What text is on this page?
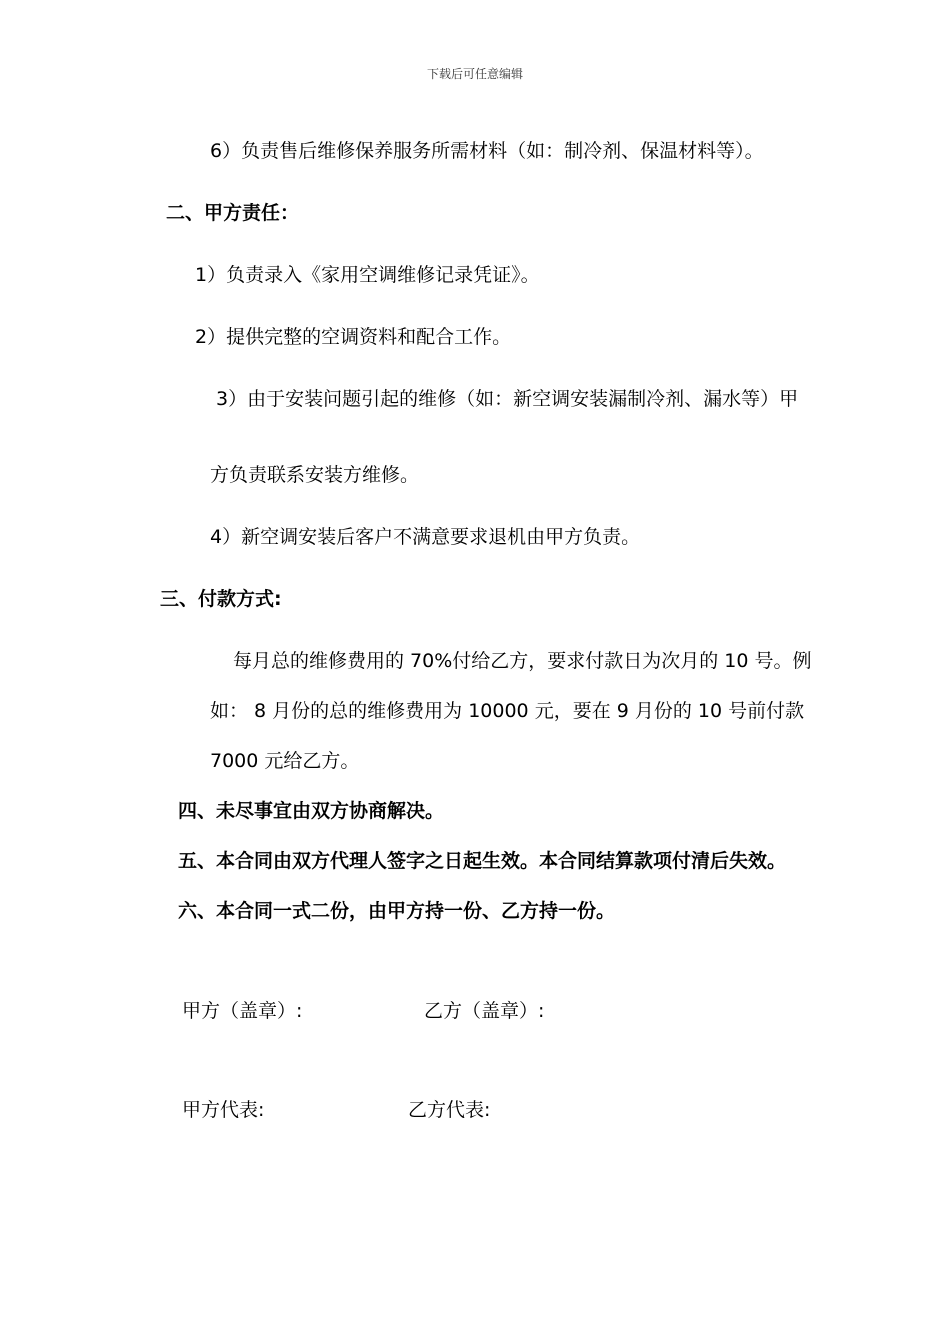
下载后可任意编辑
6）负责售后维修保养服务所需材料（如：制冷剂、保温材料等）。
二、甲方责任：
1）负责录入《家用空调维修记录凭证》。
2）提供完整的空调资料和配合工作。
3）由于安装问题引起的维修（如：新空调安装漏制冷剂、漏水等）甲
方负责联系安装方维修。
4）新空调安装后客户不满意要求退机由甲方负责。
三、付款方式:
每月总的维修费用的 70%付给乙方，要求付款日为次月的 10 号。例
如： 8 月份的总的维修费用为 10000 元，要在 9 月份的 10 号前付款
7000 元给乙方。
四、未尽事宜由双方协商解决。
五、本合同由双方代理人签字之日起生效。本合同结算款项付清后失效。
六、本合同一式二份，由甲方持一份、乙方持一份。
甲方（盖章）:	乙方（盖章）:
甲方代表:	乙方代表:
